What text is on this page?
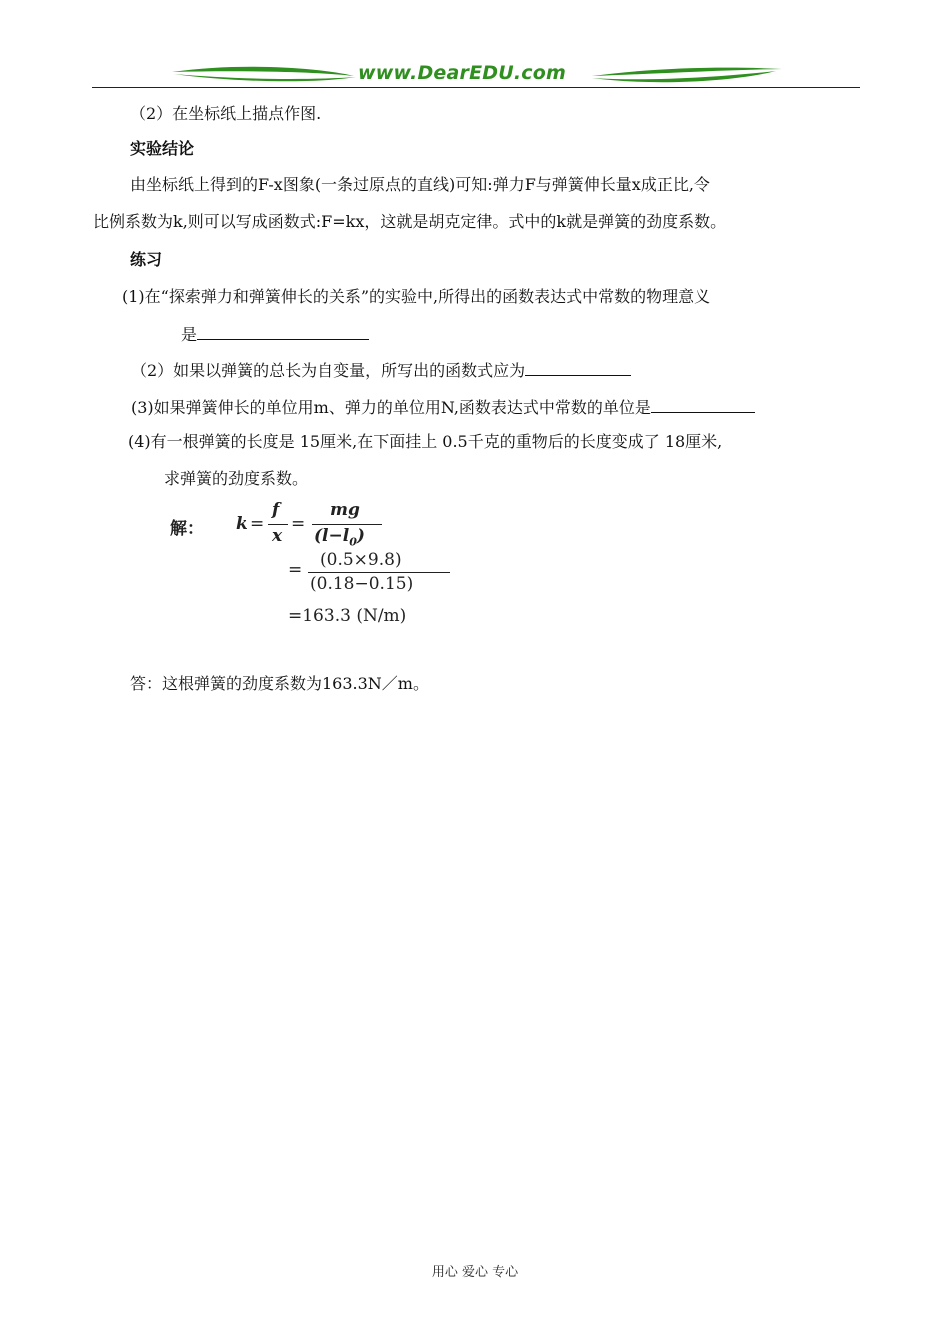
www.DearEDU.com
（2）在坐标纸上描点作图.
实验结论
由坐标纸上得到的F-x图象(一条过原点的直线)可知:弹力F与弹簧伸长量x成正比,令
比例系数为k,则可以写成函数式:F=kx，这就是胡克定律。式中的k就是弹簧的劲度系数。
练习
(1)在“探索弹力和弹簧伸长的关系”的实验中,所得出的函数表达式中常数的物理意义
是
（2）如果以弹簧的总长为自变量，所写出的函数式应为
(3)如果弹簧伸长的单位用m、弹力的单位用N,函数表达式中常数的单位是
(4)有一根弹簧的长度是 15厘米,在下面挂上 0.5千克的重物后的长度变成了 18厘米,
求弹簧的劲度系数。
解： k =
f
x
=
mg
$(l-l_0)$
= (0.5×9.8)
(0.18−0.15)
=163.3 (N/m)
答：这根弹簧的劲度系数为163.3N／m。
用心 爱心 专心
